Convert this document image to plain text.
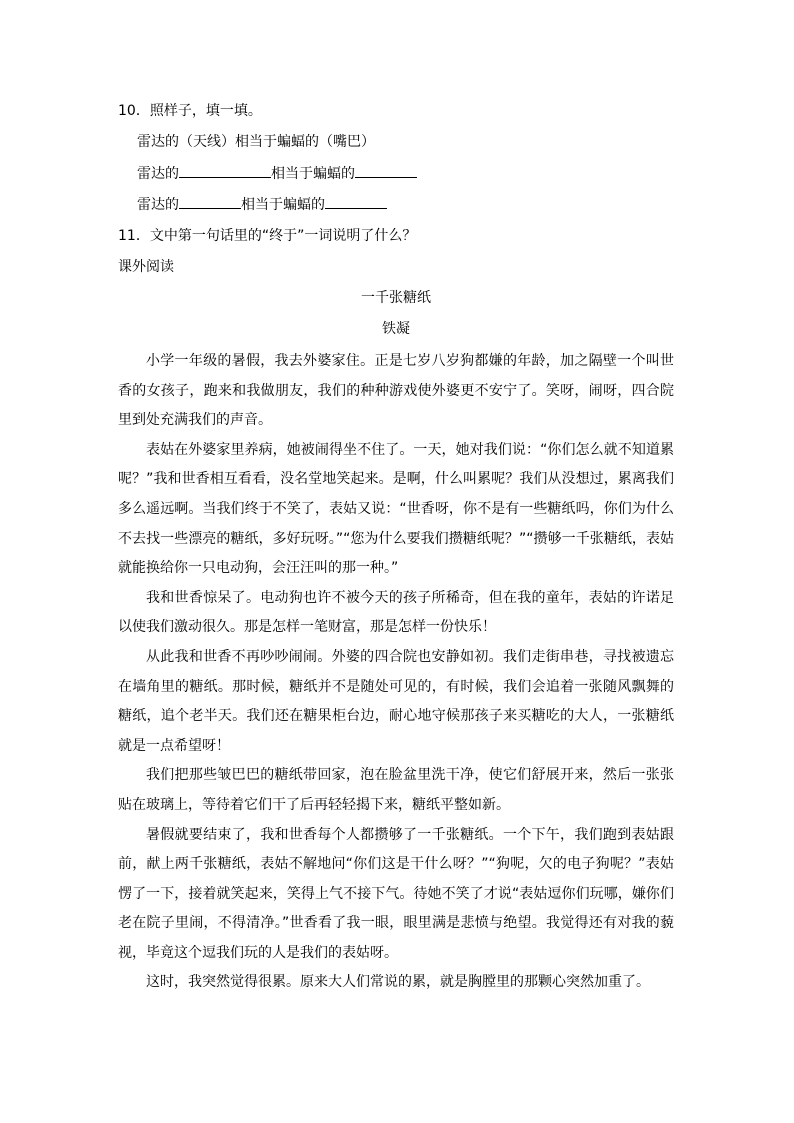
10．照样子，填一填。
雷达的（天线）相当于蝙蝠的（嘴巴）
雷达的	相当于蝙蝠的
雷达的	相当于蝙蝠的
11．文中第一句话里的“终于”一词说明了什么？
课外阅读
一千张糖纸
铁凝

小学一年级的暑假，我去外婆家住。正是七岁八岁狗都嫌的年龄，加之隔壁一个叫世香的女孩子，跑来和我做朋友，我们的种种游戏使外婆更不安宁了。笑呀，闹呀，四合院里到处充满我们的声音。

表姑在外婆家里养病，她被闹得坐不住了。一天，她对我们说：“你们怎么就不知道累呢？”我和世香相互看看，没名堂地笑起来。是啊，什么叫累呢？我们从没想过，累离我们多么遥远啊。当我们终于不笑了，表姑又说：“世香呀，你不是有一些糖纸吗，你们为什么不去找一些漂亮的糖纸，多好玩呀。”“您为什么要我们攒糖纸呢？”“攒够一千张糖纸，表姑就能换给你一只电动狗，会汪汪叫的那一种。”

我和世香惊呆了。电动狗也许不被今天的孩子所稀奇，但在我的童年，表姑的许诺足以使我们激动很久。那是怎样一笔财富，那是怎样一份快乐！

从此我和世香不再吵吵闹闹。外婆的四合院也安静如初。我们走街串巷，寻找被遗忘在墙角里的糖纸。那时候，糖纸并不是随处可见的，有时候，我们会追着一张随风飘舞的糖纸，追个老半天。我们还在糖果柜台边，耐心地守候那孩子来买糖吃的大人，一张糖纸就是一点希望呀！

我们把那些皱巴巴的糖纸带回家，泡在脸盆里洗干净，使它们舒展开来，然后一张张贴在玻璃上，等待着它们干了后再轻轻揭下来，糖纸平整如新。

暑假就要结束了，我和世香每个人都攒够了一千张糖纸。一个下午，我们跑到表姑跟前，献上两千张糖纸，表姑不解地问“你们这是干什么呀？”“狗呢，欠的电子狗呢？”表姑愣了一下，接着就笑起来，笑得上气不接下气。待她不笑了才说“表姑逗你们玩哪，嫌你们老在院子里闹，不得清净。”世香看了我一眼，眼里满是悲愤与绝望。我觉得还有对我的藐视，毕竟这个逗我们玩的人是我们的表姑呀。

这时，我突然觉得很累。原来大人们常说的累，就是胸膛里的那颗心突然加重了。
